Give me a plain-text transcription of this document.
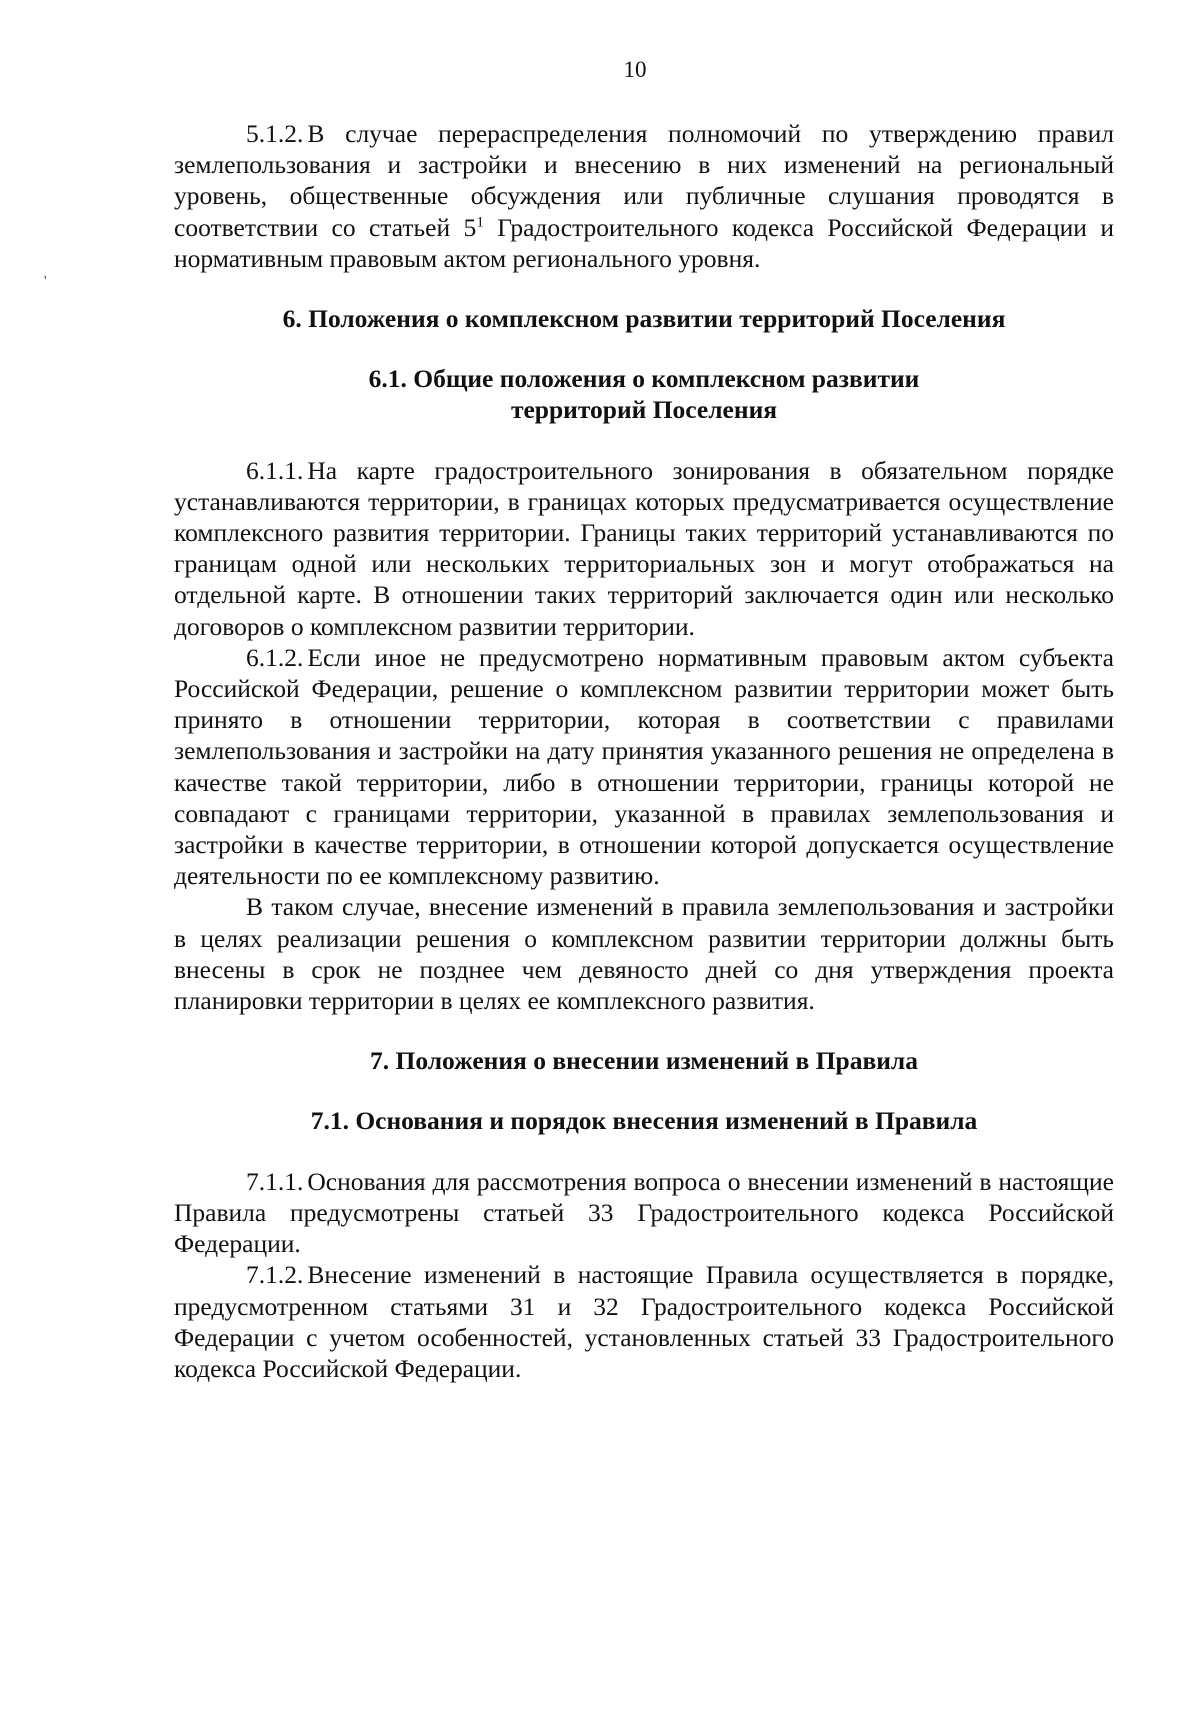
10
'

5.1.2. В случае перераспределения полномочий по утверждению правил землепользования и застройки и внесению в них изменений на региональный уровень, общественные обсуждения или публичные слушания проводятся в соответствии со статьей $5^1$ Градостроительного кодекса Российской Федерации и нормативным правовым актом регионального уровня.

6. Положения о комплексном развитии территорий Поселения

6.1. Общие положения о комплексном развитии

территорий Поселения

6.1.1. На карте градостроительного зонирования в обязательном порядке устанавливаются территории, в границах которых предусматривается осуществление комплексного развития территории. Границы таких территорий устанавливаются по границам одной или нескольких территориальных зон и могут отображаться на отдельной карте. В отношении таких территорий заключается один или несколько договоров о комплексном развитии территории.

6.1.2. Если иное не предусмотрено нормативным правовым актом субъекта Российской Федерации, решение о комплексном развитии территории может быть принято в отношении территории, которая в соответствии с правилами землепользования и застройки на дату принятия указанного решения не определена в качестве такой территории, либо в отношении территории, границы которой не совпадают с границами территории, указанной в правилах землепользования и застройки в качестве территории, в отношении которой допускается осуществление деятельности по ее комплексному развитию.

В таком случае, внесение изменений в правила землепользования и застройки в целях реализации решения о комплексном развитии территории должны быть внесены в срок не позднее чем девяносто дней со дня утверждения проекта планировки территории в целях ее комплексного развития.

7. Положения о внесении изменений в Правила

7.1. Основания и порядок внесения изменений в Правила

7.1.1. Основания для рассмотрения вопроса о внесении изменений в настоящие Правила предусмотрены статьей 33 Градостроительного кодекса Российской Федерации.

7.1.2. Внесение изменений в настоящие Правила осуществляется в порядке, предусмотренном статьями 31 и 32 Градостроительного кодекса Российской Федерации с учетом особенностей, установленных статьей 33 Градостроительного кодекса Российской Федерации.
